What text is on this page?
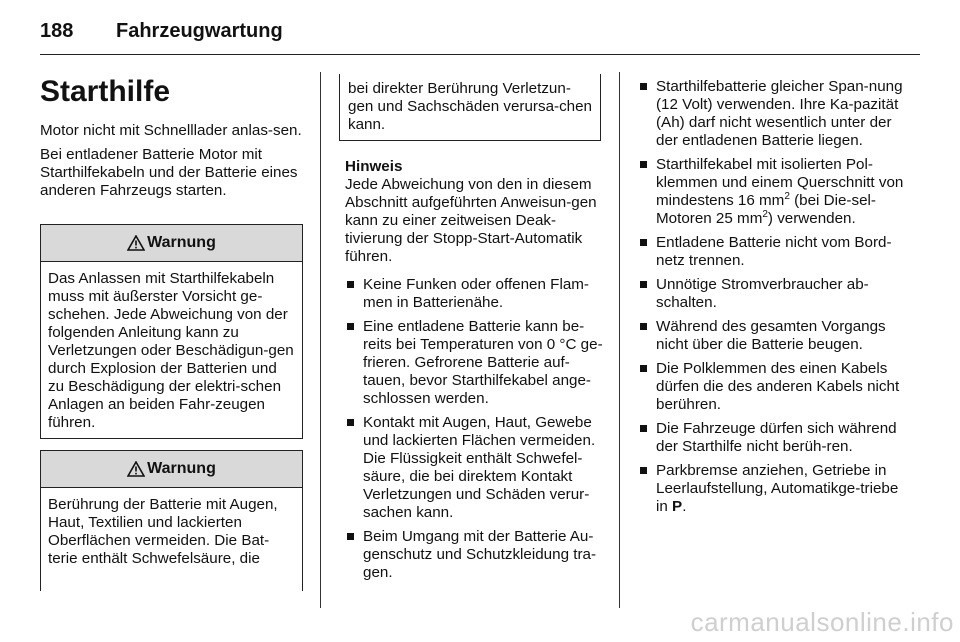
188 Fahrzeugwartung
Starthilfe

Motor nicht mit Schnelllader anlas-sen.

Bei entladener Batterie Motor mit Starthilfekabeln und der Batterie eines anderen Fahrzeugs starten.

Warnung
Das Anlassen mit Starthilfekabeln muss mit äußerster Vorsicht ge-schehen. Jede Abweichung von der folgenden Anleitung kann zu Verletzungen oder Beschädigun-gen durch Explosion der Batterien und zu Beschädigung der elektri-schen Anlagen an beiden Fahr-zeugen führen.
Warnung
Berührung der Batterie mit Augen, Haut, Textilien und lackierten Oberflächen vermeiden. Die Bat-terie enthält Schwefelsäure, die
bei direkter Berührung Verletzun-gen und Sachschäden verursa-chen kann.
Hinweis

Jede Abweichung von den in diesem Abschnitt aufgeführten Anweisun-gen kann zu einer zeitweisen Deak-tivierung der Stopp-Start-Automatik führen.

Keine Funken oder offenen Flam-men in Batterienähe.
Eine entladene Batterie kann be-reits bei Temperaturen von 0 °C ge-frieren. Gefrorene Batterie auf-tauen, bevor Starthilfekabel ange-schlossen werden.
Kontakt mit Augen, Haut, Gewebe und lackierten Flächen vermeiden. Die Flüssigkeit enthält Schwefel-säure, die bei direktem Kontakt Verletzungen und Schäden verur-sachen kann.
Beim Umgang mit der Batterie Au-genschutz und Schutzkleidung tra-gen.
Starthilfebatterie gleicher Span-nung (12 Volt) verwenden. Ihre Ka-pazität (Ah) darf nicht wesentlich unter der der entladenen Batterie liegen.
Starthilfekabel mit isolierten Pol-klemmen und einem Querschnitt von mindestens 16 $mm^2$ (bei Die-sel-Motoren 25 $mm^2$) verwenden.
Entladene Batterie nicht vom Bord-netz trennen.
Unnötige Stromverbraucher ab-schalten.
Während des gesamten Vorgangs nicht über die Batterie beugen.
Die Polklemmen des einen Kabels dürfen die des anderen Kabels nicht berühren.
Die Fahrzeuge dürfen sich während der Starthilfe nicht berüh-ren.
Parkbremse anziehen, Getriebe in Leerlaufstellung, Automatikge-triebe in P.
carmanualsonline.info
